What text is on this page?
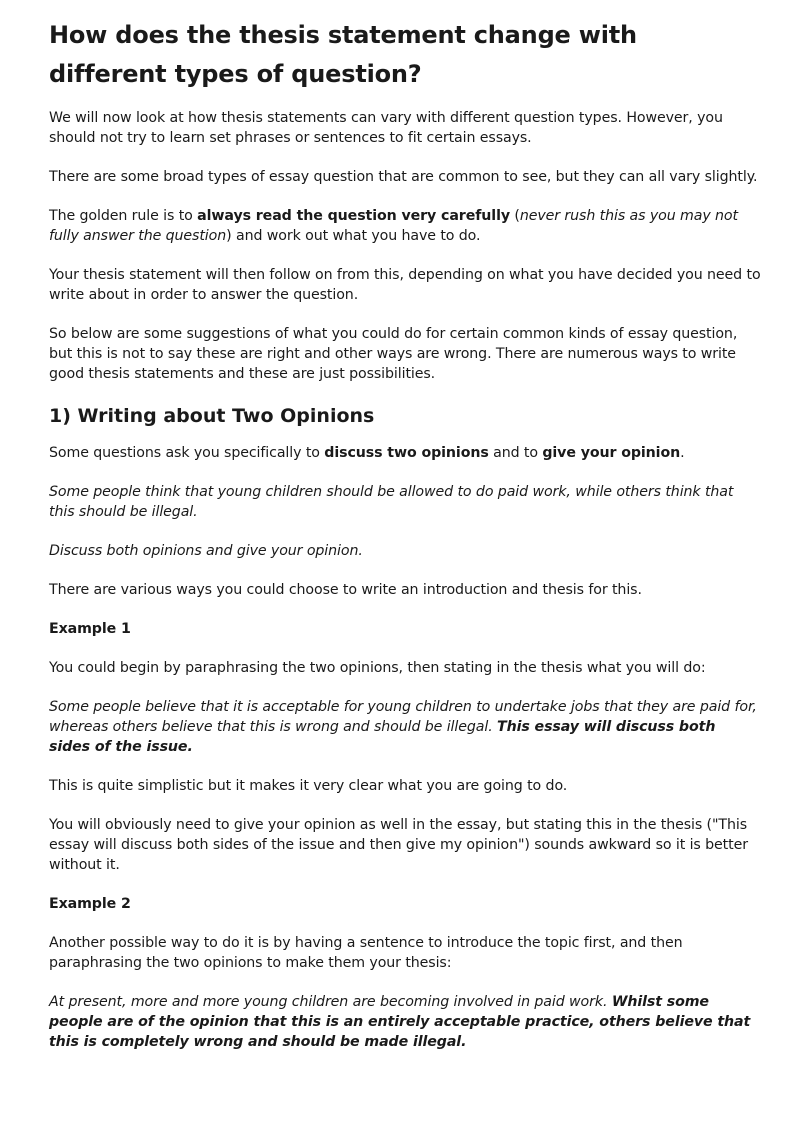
How does the thesis statement change with different types of question?

We will now look at how thesis statements can vary with different question types. However, you should not try to learn set phrases or sentences to fit certain essays.

There are some broad types of essay question that are common to see, but they can all vary slightly.

The golden rule is to always read the question very carefully (never rush this as you may not fully answer the question) and work out what you have to do.

Your thesis statement will then follow on from this, depending on what you have decided you need to write about in order to answer the question.

So below are some suggestions of what you could do for certain common kinds of essay question, but this is not to say these are right and other ways are wrong. There are numerous ways to write good thesis statements and these are just possibilities.

1) Writing about Two Opinions

Some questions ask you specifically to discuss two opinions and to give your opinion.

Some people think that young children should be allowed to do paid work, while others think that this should be illegal.

Discuss both opinions and give your opinion.

There are various ways you could choose to write an introduction and thesis for this.

Example 1

You could begin by paraphrasing the two opinions, then stating in the thesis what you will do:

Some people believe that it is acceptable for young children to undertake jobs that they are paid for, whereas others believe that this is wrong and should be illegal. This essay will discuss both sides of the issue.

This is quite simplistic but it makes it very clear what you are going to do.

You will obviously need to give your opinion as well in the essay, but stating this in the thesis ("This essay will discuss both sides of the issue and then give my opinion") sounds awkward so it is better without it.

Example 2

Another possible way to do it is by having a sentence to introduce the topic first, and then paraphrasing the two opinions to make them your thesis:

At present, more and more young children are becoming involved in paid work. Whilst some people are of the opinion that this is an entirely acceptable practice, others believe that this is completely wrong and should be made illegal.
